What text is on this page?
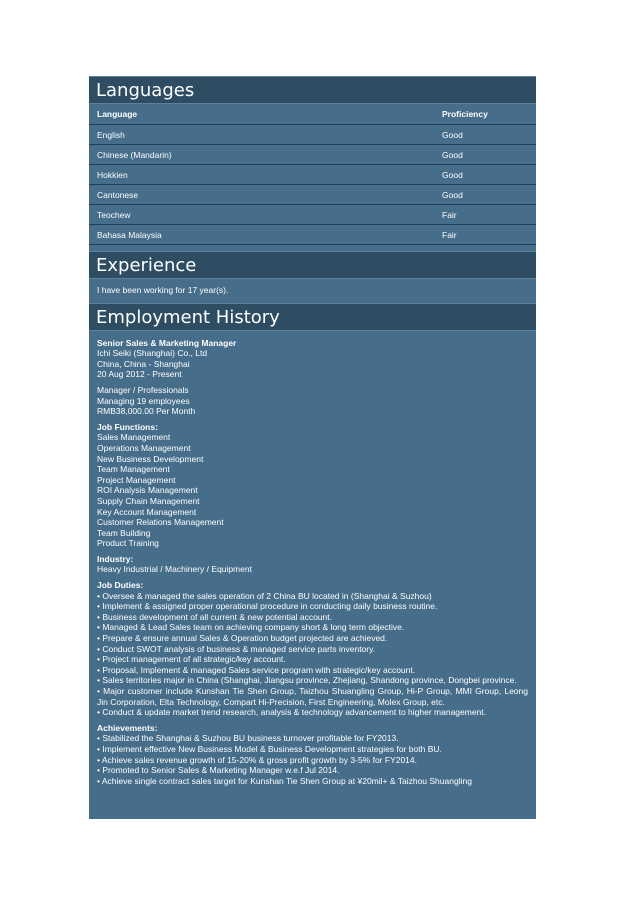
Languages
Language	Proficiency
English	Good
Chinese (Mandarin)	Good
Hokkien	Good
Cantonese	Good
Teochew	Fair
Bahasa Malaysia	Fair
Experience
I have been working for 17 year(s).
Employment History
Senior Sales & Marketing Manager
Ichi Seiki (Shanghai) Co., Ltd
China, China - Shanghai
20 Aug 2012 - Present
Manager / Professionals
Managing 19 employees
RMB38,000.00 Per Month
Job Functions:
Sales Management
Operations Management
New Business Development
Team Management
Project Management
ROI Analysis Management
Supply Chain Management
Key Account Management
Customer Relations Management
Team Building
Product Training
Industry:
Heavy Industrial / Machinery / Equipment
Job Duties:
• Oversee & managed the sales operation of 2 China BU located in (Shanghai & Suzhou)
• Implement & assigned proper operational procedure in conducting daily business routine.
• Business development of all current & new potential account.
• Managed & Lead Sales team on achieving company short & long term objective.
• Prepare & ensure annual Sales & Operation budget projected are achieved.
• Conduct SWOT analysis of business & managed service parts inventory.
• Project management of all strategic/key account.
• Proposal, Implement & managed Sales service program with strategic/key account.
• Sales territories major in China (Shanghai, Jiangsu province, Zhejiang, Shandong province, Dongbei province.
• Major customer include Kunshan Tie Shen Group, Taizhou Shuangling Group, Hi-P Group, MMI Group, Leong Jin Corporation, Elta Technology, Compart Hi-Precision, First Engineering, Molex Group, etc.
• Conduct & update market trend research, analysis & technology advancement to higher management.
Achievements:
• Stabilized the Shanghai & Suzhou BU business turnover profitable for FY2013.
• Implement effective New Business Model & Business Development strategies for both BU.
• Achieve sales revenue growth of 15-20% & gross profit growth by 3-5% for FY2014.
• Promoted to Senior Sales & Marketing Manager w.e.f Jul 2014.
• Achieve single contract sales target for Kunshan Tie Shen Group at ¥20mil+ & Taizhou Shuangling
